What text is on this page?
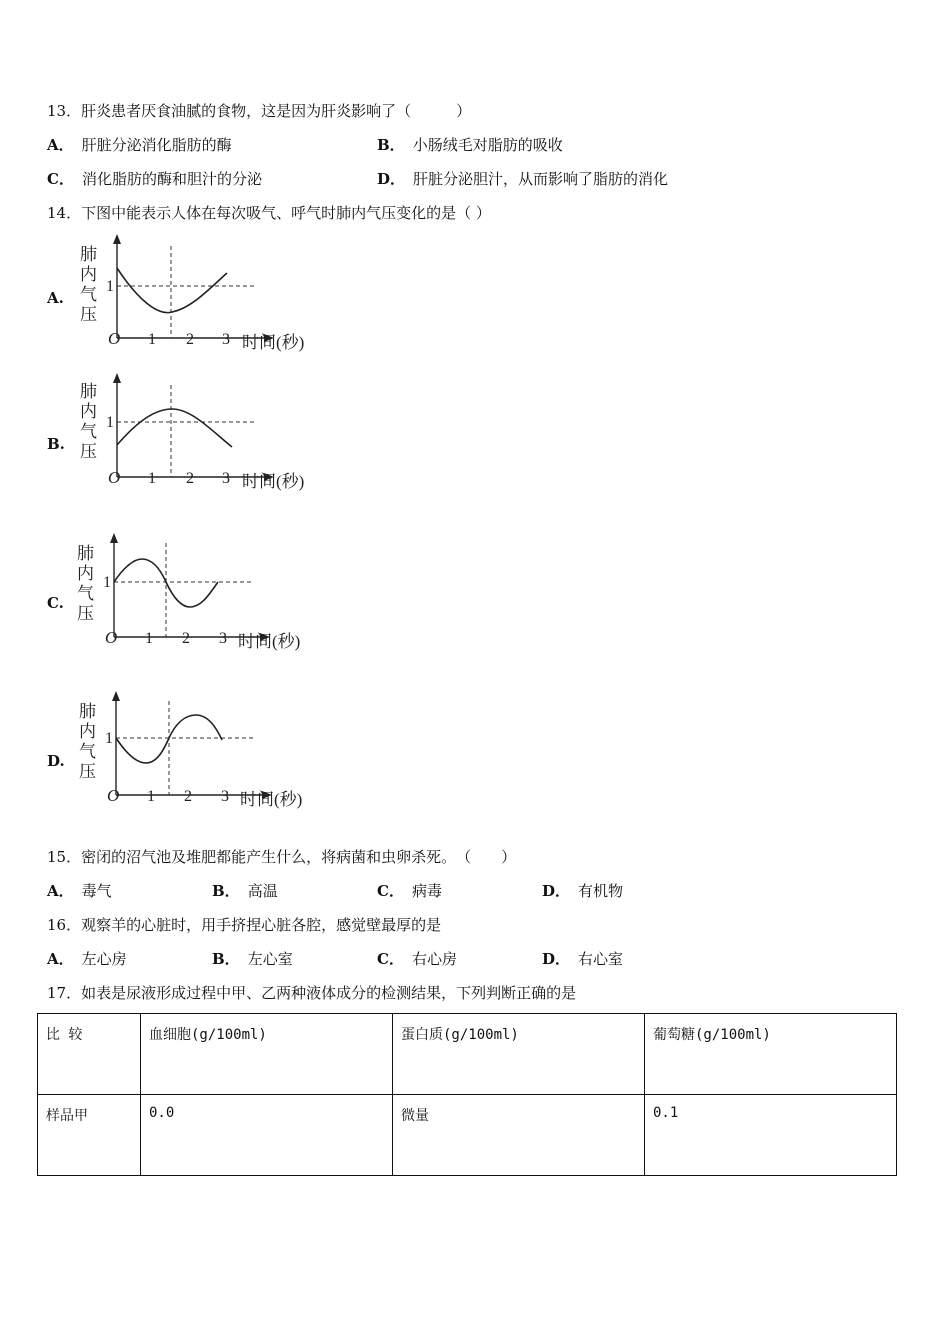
13．肝炎患者厌食油腻的食物，这是因为肝炎影响了（　　　）
A． 肝脏分泌消化脂肪的酶	B． 小肠绒毛对脂肪的吸收
C． 消化脂肪的酶和胆汁的分泌	D． 肝脏分泌胆汁，从而影响了脂肪的消化
14．下图中能表示人体在每次吸气、呼气时肺内气压变化的是（ ）
A.
肺
内
气
压
1
O 1 2 3 时间(秒)
B.
肺
内
气
压
1
O 1 2 3 时间(秒)
C.
肺
内
气
压
1
O 1 2 3 时间(秒)
D.
肺
内
气
压
1
O 1 2 3 时间(秒)
15．密闭的沼气池及堆肥都能产生什么，将病菌和虫卵杀死。　（　　）
A． 毒气	B． 高温	C． 病毒	D． 有机物
16．观察羊的心脏时，用手挤捏心脏各腔，感觉壁最厚的是
A． 左心房	B． 左心室	C． 右心房	D． 右心室
17．如表是尿液形成过程中甲、乙两种液体成分的检测结果，下列判断正确的是
比 较	血细胞(g/100ml)	蛋白质(g/100ml)	葡萄糖(g/100ml)
样品甲	0.0	微量	0.1
